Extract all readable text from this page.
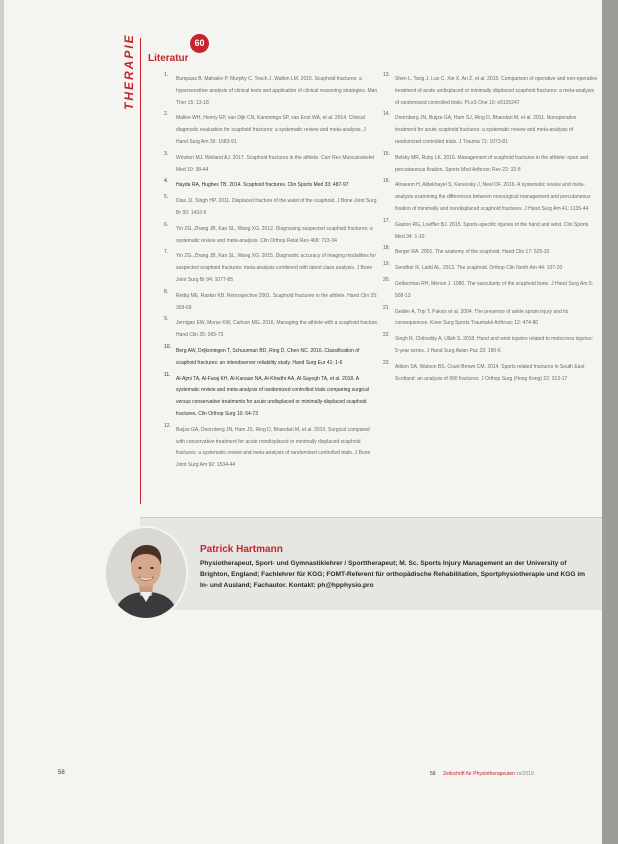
THERAPIE	60
Literatur
1.
Bumpass B, Mahalev P, Murphy C, Tesch J, Walton LM. 2015. Scaphoid fractures: a hypersensitive analysis of clinical tests and application of clinical reasoning strategies. Man Ther 15: 13-18
2.
Mallee WH, Henny EP, van Dijk CN, Kamminga SP, van Enst WA, et al. 2014. Clinical diagnostic evaluation for scaphoid fractures: a systematic review and meta-analysis. J Hand Surg Am 39: 1683-91
3.
Winston MJ, Weiland AJ. 2017. Scaphoid fractures in the athlete. Curr Rev Musculoskelet Med 10: 38-44
4.
Hayda RA, Hughes TB. 2014. Scaphoid fractures. Clin Sports Med 33: 487-97
5.
Dias JJ, Singh HP. 2011. Displaced fracture of the waist of the scaphoid. J Bone Joint Surg Br 93: 1433-9
6.
Yin ZG, Zhang JB, Kan SL, Wang XG. 2012. Diagnosing suspected scaphoid fractures: a systematic review and meta-analysis. Clin Orthop Relat Res 468: 723-34
7.
Yin ZG, Zhang JB, Kan SL, Wang XG. 2015. Diagnostic accuracy of imaging modalities for suspected scaphoid fractures: meta-analysis combined with latent class analysis. J Bone Joint Surg Br 94: 1077-85
8.
Rettig ME, Raskin KB. Retrospective 2001. Scaphoid fractures in the athlete. Hand Clin 25: 359-69
9.
Jernigan EW, Morse KW, Carlson MG. 2016. Managing the athlete with a scaphoid fracture. Hand Clin 35: 365-73
10.
Berg AW, Drijkoningen T, Schuurman BD, Ring D, Chen NC. 2016. Classification of scaphoid fractures: an interobserver reliability study. Hand Surg Eur 41: 1-6
11.
Al-Ajmi TA, Al-Faraj KH, Al-Kanaan NA, Al-Khadhr AA, Al-Sayegh TA, et al. 2018. A systematic review and meta-analysis of randomized controlled trials comparing surgical versus conservative treatments for acute undisplaced or minimally-displaced scaphoid fractures. Clin Orthop Surg 10: 64-73
12.
Buijze GA, Doornberg JN, Ham JS, Ring D, Bhandari M, et al. 2010. Surgical compared with conservative treatment for acute nondisplaced or minimally displaced scaphoid fractures: a systematic review and meta-analysis of randomized controlled trials. J Bone Joint Surg Am 92: 1534-44
13.
Shen L, Tang J, Luo C, Xie X, An Z, et al. 2015. Comparison of operative and non-operative treatment of acute undisplaced or minimally displaced scaphoid fractures: a meta-analysis of randomized controlled trials. PLoS One 10: e0125247
14.
Doornberg JN, Buijze GA, Ham SJ, Ring D, Bhandari M, et al. 2011. Nonoperative treatment for acute scaphoid fractures: a systematic review and meta-analysis of randomized controlled trials. J Trauma 71: 1073-81
15.
Belsky MR, Ruby LK. 2016. Management of scaphoid fractures in the athlete: open and percutaneous fixation. Sports Med Arthrosc Rev 22: 32-8
16.
Alnaeem H, Aldekhayel S, Kanevsky J, Neel OF. 2016. A systematic review and meta-analysis examining the differences between nonsurgical management and percutaneous fixation of minimally and nondisplaced scaphoid fractures. J Hand Surg Am 41: 1135-44
17.
Gaston RG, Loeffler BJ. 2015. Sports-specific injuries of the hand and wrist. Clin Sports Med 34: 1-10
18.
Berger RA. 2001. The anatomy of the scaphoid. Hand Clin 17: 525-32
19.
Sendher R, Ladd AL. 2013. The scaphoid. Orthop Clin North Am 44: 107-20
20.
Gelberman RH, Menon J. 1980. The vascularity of the scaphoid bone. J Hand Surg Am 5: 508-13
21.
Gelder A, Trip T, Pakvis et al. 2004. The presence of ankle sprain injury and its consequences. Knee Surg Sports Traumatol Arthrosc 12: 474-80
22.
Singh R, Chitreddy A, Ullah S. 2018. Hand and wrist injuries related to motocross injuries: 5-year series. J Hand Surg Asian Pac 23: 190-6
23.
Aitken SA, Watson BS, Court-Brown CM. 2014. Sports related fractures in South East Scotland: an analysis of 990 fractures. J Orthop Surg (Hong Kong) 22: 313-17
Patrick Hartmann
Physiotherapeut, Sport- und Gymnastiklehrer / Sporttherapeut; M. Sc. Sports Injury Management an der University of Brighton, England; Fachlehrer für KGG; FOMT-Referent für orthopädische Rehabilitation, Sportphysiotherapie und KGG im In- und Ausland; Fachautor. Kontakt: ph@hpphysio.pro
58	59 Zeitschrift für Physiotherapeuten xx/2019
